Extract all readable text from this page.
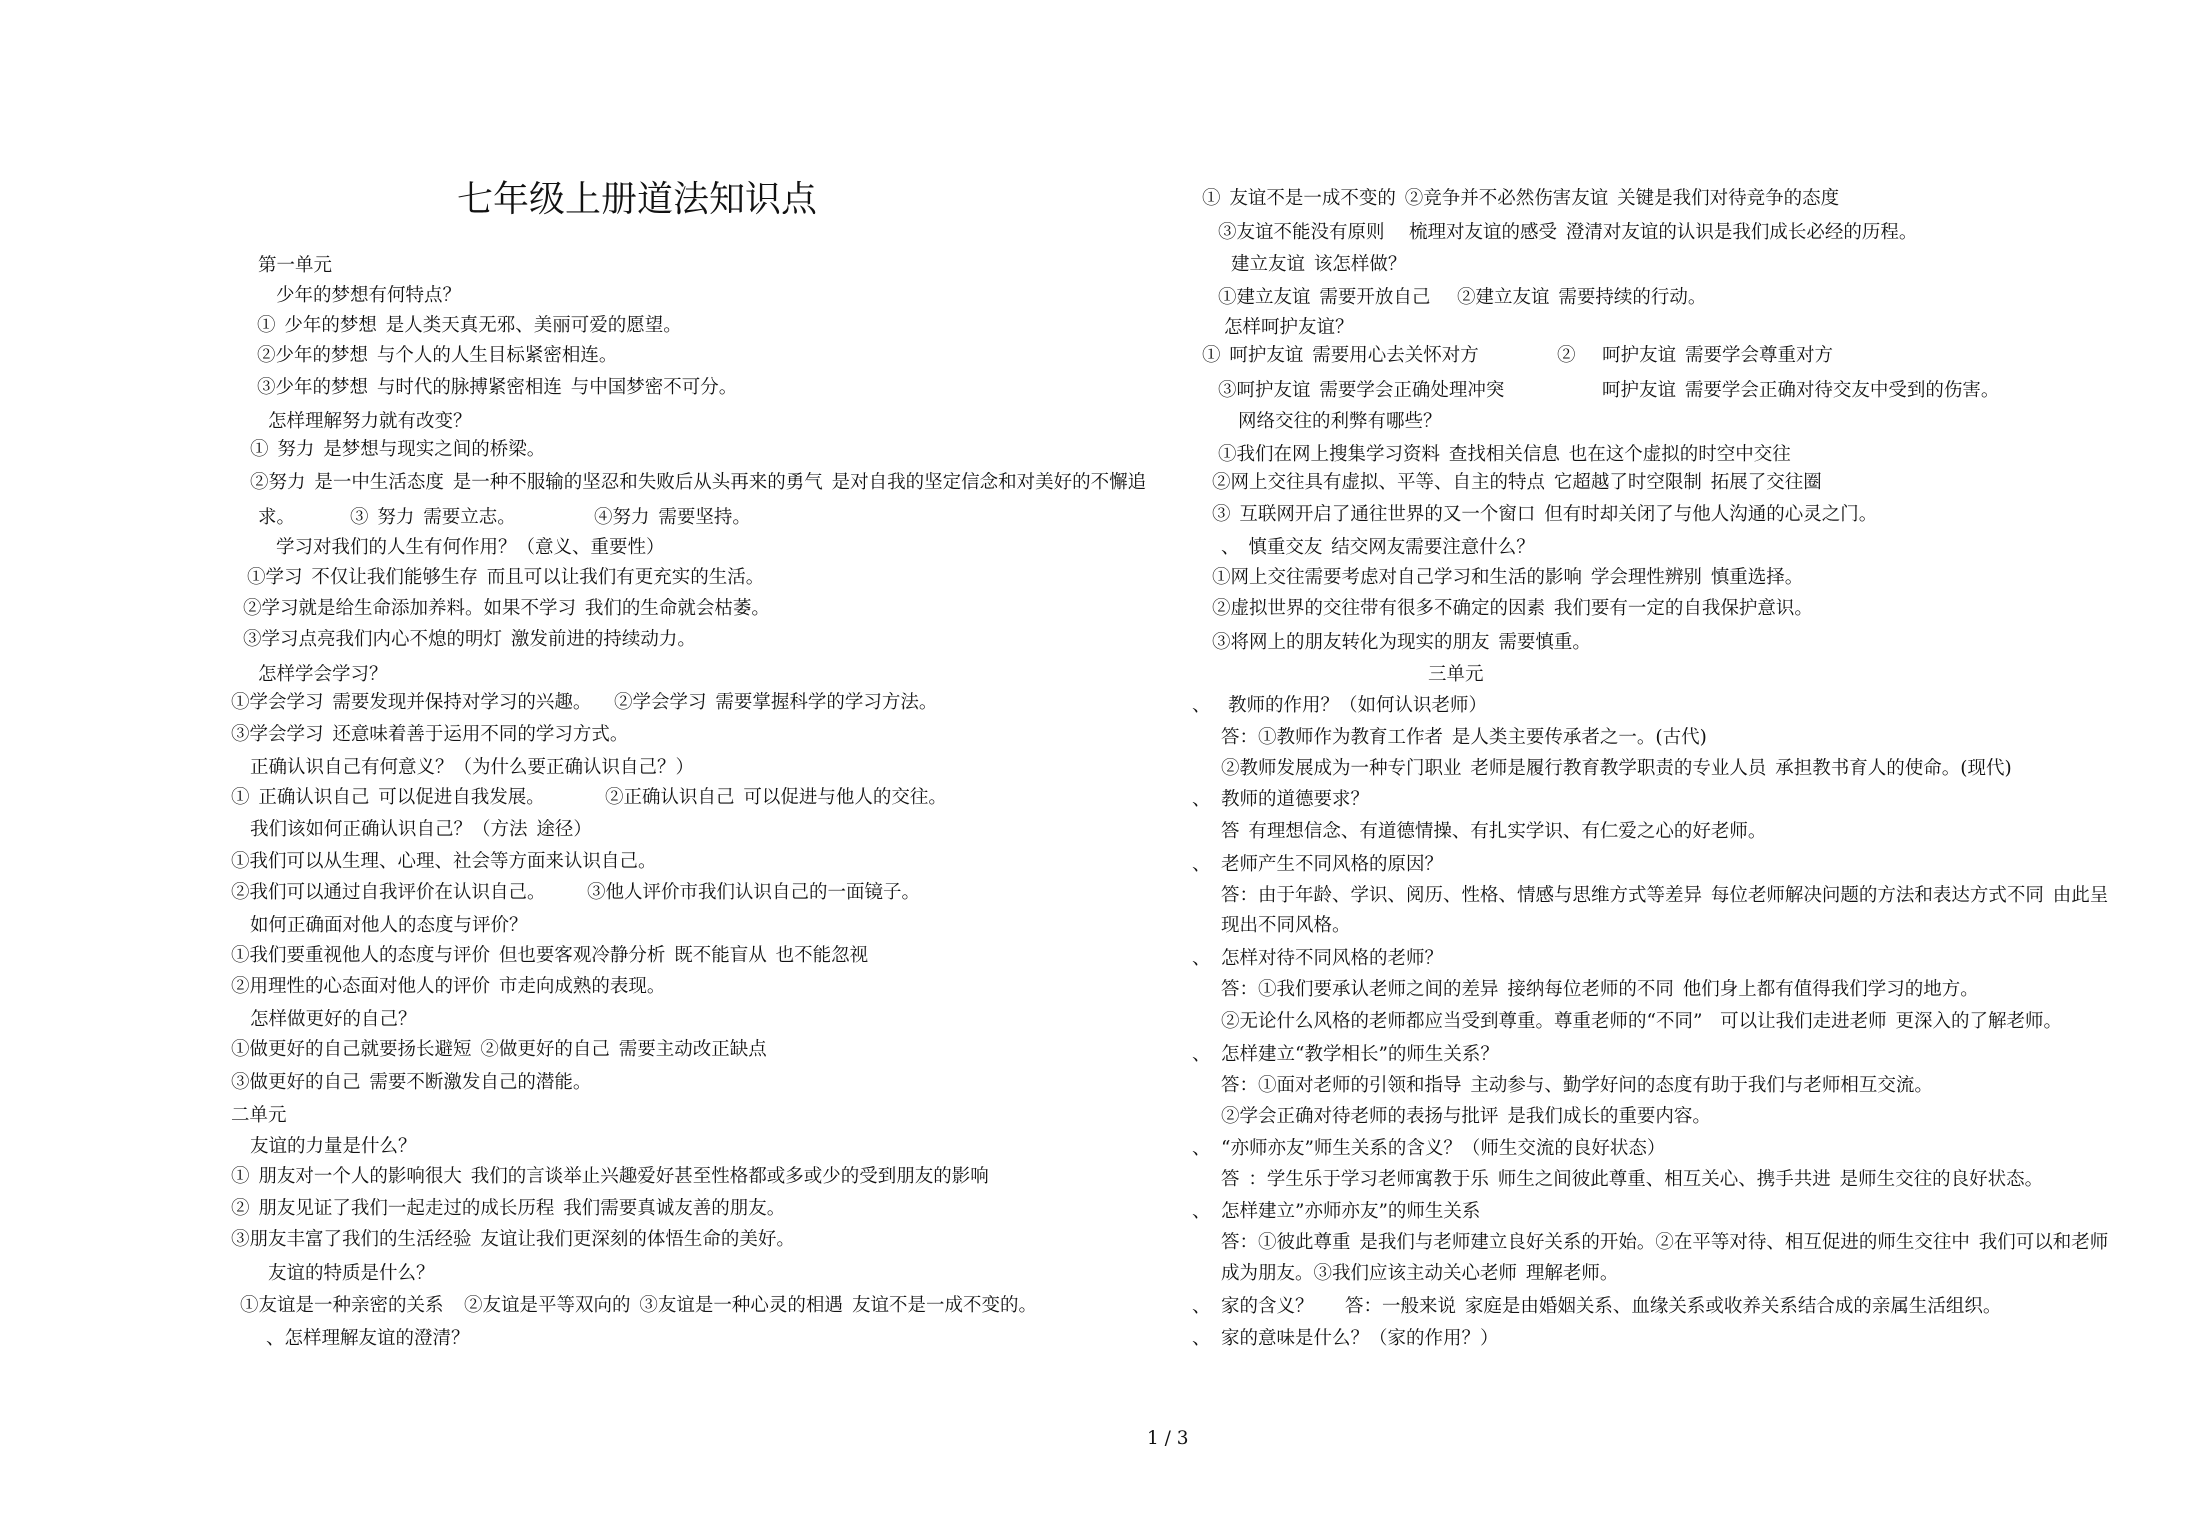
七年级上册道法知识点
第一单元
少年的梦想有何特点？
① 少年的梦想 是人类天真无邪、美丽可爱的愿望。
②少年的梦想 与个人的人生目标紧密相连。
③少年的梦想 与时代的脉搏紧密相连 与中国梦密不可分。
怎样理解努力就有改变？
① 努力 是梦想与现实之间的桥梁。
②努力 是一中生活态度 是一种不服输的坚忍和失败后从头再来的勇气 是对自我的坚定信念和对美好的不懈追
求。	③ 努力 需要立志。	④努力 需要坚持。
学习对我们的人生有何作用？（意义、重要性）
①学习 不仅让我们能够生存 而且可以让我们有更充实的生活。
②学习就是给生命添加养料。如果不学习 我们的生命就会枯萎。
③学习点亮我们内心不熄的明灯 激发前进的持续动力。
怎样学会学习？
①学会学习 需要发现并保持对学习的兴趣。 ②学会学习 需要掌握科学的学习方法。
③学会学习 还意味着善于运用不同的学习方式。
正确认识自己有何意义？（为什么要正确认识自己？）
① 正确认识自己 可以促进自我发展。	②正确认识自己 可以促进与他人的交往。
我们该如何正确认识自己？（方法 途径）
①我们可以从生理、心理、社会等方面来认识自己。
②我们可以通过自我评价在认识自己。 ③他人评价市我们认识自己的一面镜子。
如何正确面对他人的态度与评价？
①我们要重视他人的态度与评价 但也要客观冷静分析 既不能盲从 也不能忽视
②用理性的心态面对他人的评价 市走向成熟的表现。
怎样做更好的自己？
①做更好的自己就要扬长避短 ②做更好的自己 需要主动改正缺点
③做更好的自己 需要不断激发自己的潜能。
二单元
友谊的力量是什么？
① 朋友对一个人的影响很大 我们的言谈举止兴趣爱好甚至性格都或多或少的受到朋友的影响
② 朋友见证了我们一起走过的成长历程 我们需要真诚友善的朋友。
③朋友丰富了我们的生活经验 友谊让我们更深刻的体悟生命的美好。
友谊的特质是什么？
①友谊是一种亲密的关系 ②友谊是平等双向的 ③友谊是一种心灵的相遇 友谊不是一成不变的。
、怎样理解友谊的澄清？
① 友谊不是一成不变的 ②竞争并不必然伤害友谊 关键是我们对待竞争的态度
③友谊不能没有原则 梳理对友谊的感受 澄清对友谊的认识是我们成长必经的历程。
建立友谊 该怎样做？
①建立友谊 需要开放自己 ②建立友谊 需要持续的行动。
怎样呵护友谊？
① 呵护友谊 需要用心去关怀对方	②   呵护友谊 需要学会尊重对方
③呵护友谊 需要学会正确处理冲突	呵护友谊 需要学会正确对待交友中受到的伤害。
网络交往的利弊有哪些？
①我们在网上搜集学习资料 查找相关信息 也在这个虚拟的时空中交往
②网上交往具有虚拟、平等、自主的特点 它超越了时空限制 拓展了交往圈
③ 互联网开启了通往世界的又一个窗口 但有时却关闭了与他人沟通的心灵之门。
、 慎重交友 结交网友需要注意什么？
①网上交往需要考虑对自己学习和生活的影响 学会理性辨别 慎重选择。
②虚拟世界的交往带有很多不确定的因素 我们要有一定的自我保护意识。
③将网上的朋友转化为现实的朋友 需要慎重。
三单元
、 教师的作用？（如何认识老师）
答：①教师作为教育工作者 是人类主要传承者之一。(古代)
②教师发展成为一种专门职业 老师是履行教育教学职责的专业人员 承担教书育人的使命。(现代)
、 教师的道德要求？
答 有理想信念、有道德情操、有扎实学识、有仁爱之心的好老师。
、 老师产生不同风格的原因？
答：由于年龄、学识、阅历、性格、情感与思维方式等差异 每位老师解决问题的方法和表达方式不同 由此呈
现出不同风格。
、 怎样对待不同风格的老师？
答：①我们要承认老师之间的差异 接纳每位老师的不同 他们身上都有值得我们学习的地方。
②无论什么风格的老师都应当受到尊重。尊重老师的“不同”  可以让我们走进老师 更深入的了解老师。
、 怎样建立“教学相长”的师生关系？
答：①面对老师的引领和指导 主动参与、勤学好问的态度有助于我们与老师相互交流。
②学会正确对待老师的表扬与批评 是我们成长的重要内容。
、 “亦师亦友”师生关系的含义？（师生交流的良好状态）
答 ：学生乐于学习老师寓教于乐 师生之间彼此尊重、相互关心、携手共进 是师生交往的良好状态。
、 怎样建立”亦师亦友”的师生关系
答：①彼此尊重 是我们与老师建立良好关系的开始。②在平等对待、相互促进的师生交往中 我们可以和老师
成为朋友。③我们应该主动关心老师 理解老师。
、 家的含义？ 答：一般来说 家庭是由婚姻关系、血缘关系或收养关系结合成的亲属生活组织。
、 家的意味是什么？（家的作用？）
1 / 3
